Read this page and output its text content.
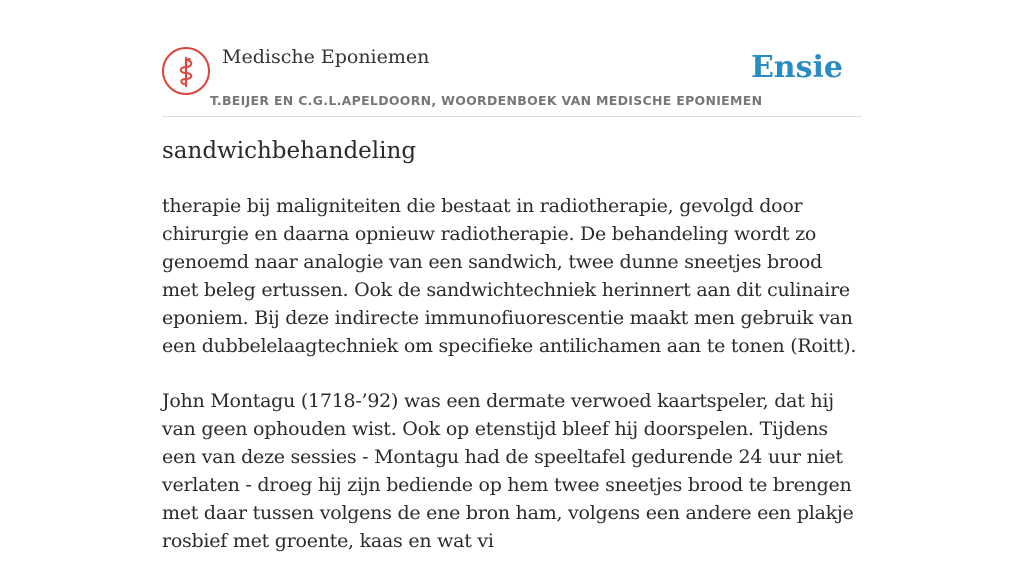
Medische Eponiemen
T.BEIJER EN C.G.L.APELDOORN, WOORDENBOEK VAN MEDISCHE EPONIEMEN
Ensie
sandwichbehandeling

therapie bij maligniteiten die bestaat in radiotherapie, gevolgd door chirurgie en daarna opnieuw radiotherapie. De behandeling wordt zo genoemd naar analogie van een sandwich, twee dunne sneetjes brood met beleg ertussen. Ook de sandwichtechniek herinnert aan dit culinaire eponiem. Bij deze indirecte immunofiuorescentie maakt men gebruik van een dubbelelaagtechniek om specifieke antilichamen aan te tonen (Roitt).

John Montagu (1718-’92) was een dermate verwoed kaartspeler, dat hij van geen ophouden wist. Ook op etenstijd bleef hij doorspelen. Tijdens een van deze sessies - Montagu had de speeltafel gedurende 24 uur niet verlaten - droeg hij zijn bediende op hem twee sneetjes brood te brengen met daar tussen volgens de ene bron ham, volgens een andere een plakje rosbief met groente, kaas en wat vi
